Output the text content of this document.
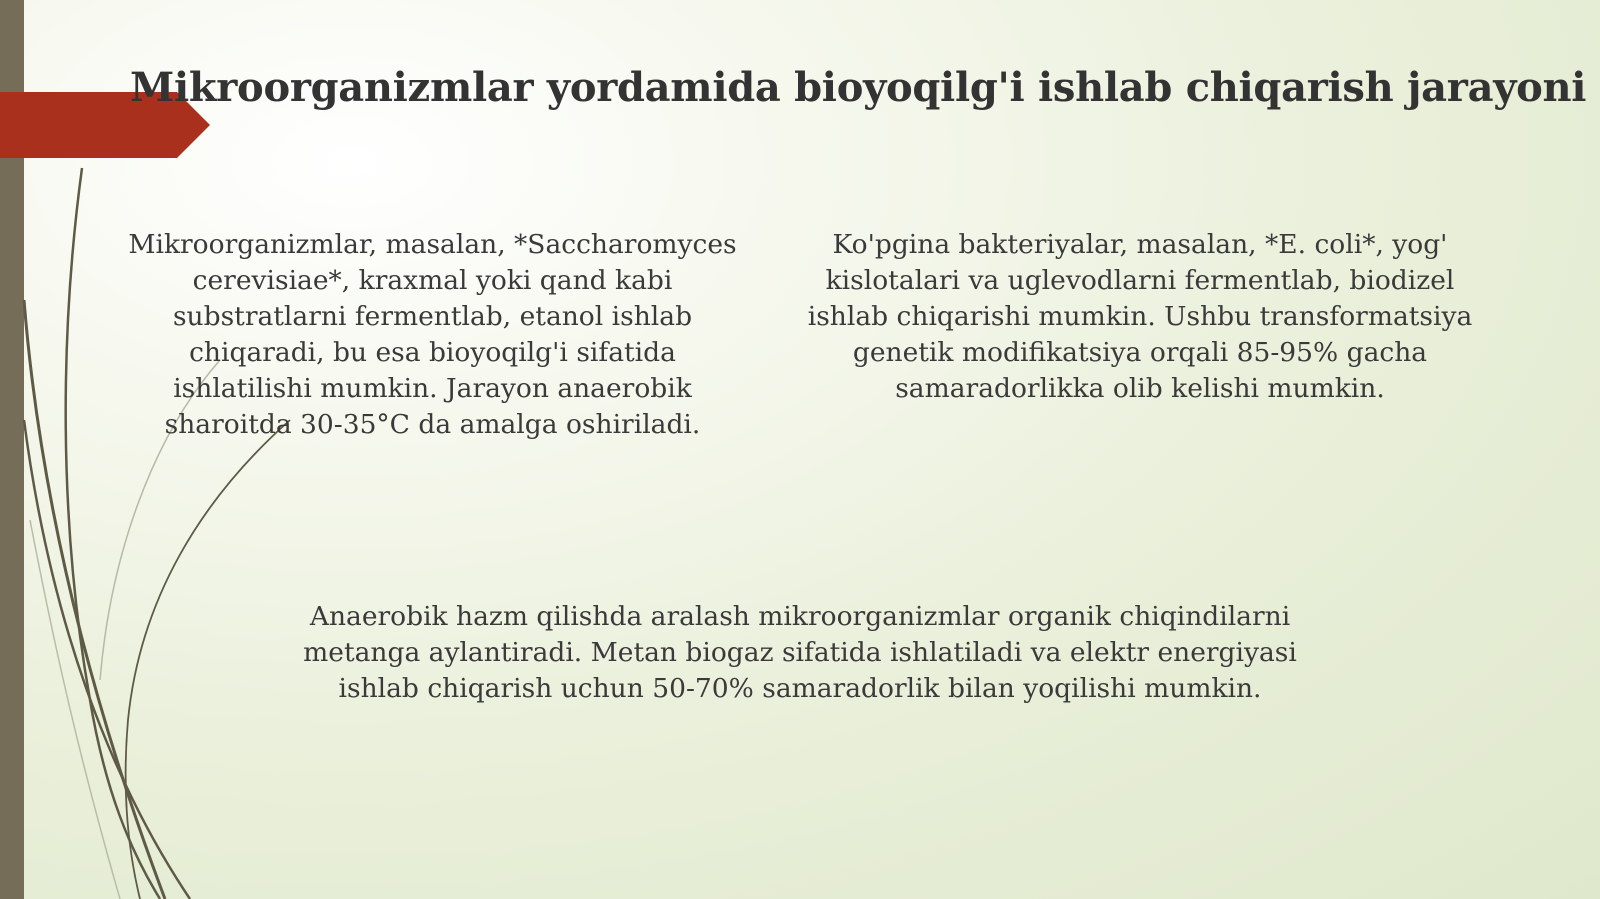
Mikroorganizmlar yordamida bioyoqilg'i ishlab chiqarish jarayoni
Mikroorganizmlar, masalan, *Saccharomyces cerevisiae*, kraxmal yoki qand kabi substratlarni fermentlab, etanol ishlab chiqaradi, bu esa bioyoqilg'i sifatida ishlatilishi mumkin. Jarayon anaerobik sharoitda 30-35°C da amalga oshiriladi.
Ko'pgina bakteriyalar, masalan, *E. coli*, yog' kislotalari va uglevodlarni fermentlab, biodizel ishlab chiqarishi mumkin. Ushbu transformatsiya genetik modifikatsiya orqali 85-95% gacha samaradorlikka olib kelishi mumkin.
Anaerobik hazm qilishda aralash mikroorganizmlar organik chiqindilarni metanga aylantiradi. Metan biogaz sifatida ishlatiladi va elektr energiyasi ishlab chiqarish uchun 50-70% samaradorlik bilan yoqilishi mumkin.
